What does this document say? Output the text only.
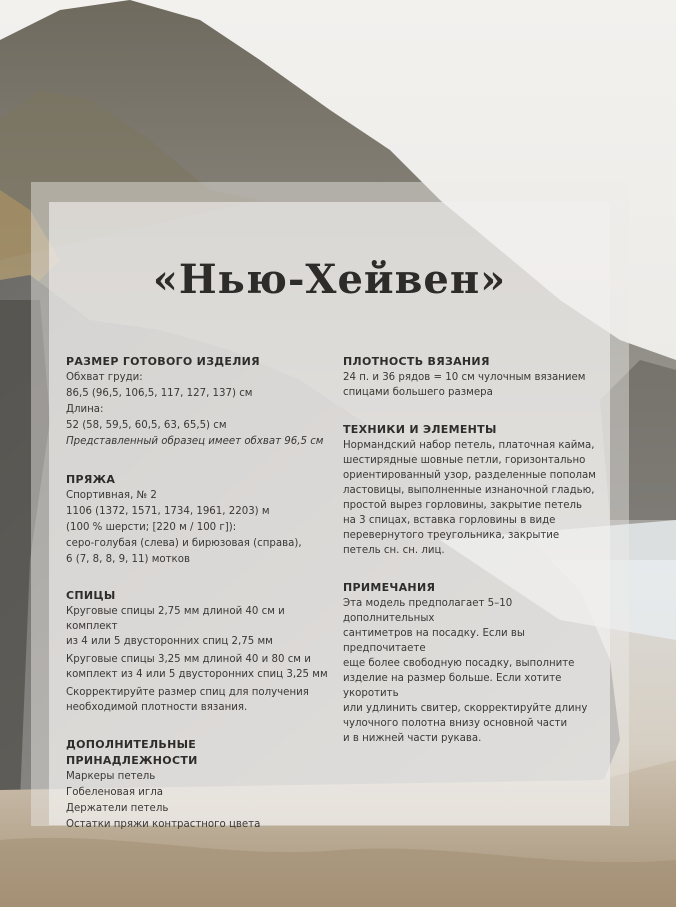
«Нью-Хейвен»
РАЗМЕР ГОТОВОГО ИЗДЕЛИЯ
Обхват груди:
86,5 (96,5, 106,5, 117, 127, 137) см
Длина:
52 (58, 59,5, 60,5, 63, 65,5) см
Представленный образец имеет обхват 96,5 см
ПРЯЖА
Спортивная, № 2
1106 (1372, 1571, 1734, 1961, 2203) м
(100 % шерсти; [220 м / 100 г]):
серо-голубая (слева) и бирюзовая (справа),
6 (7, 8, 8, 9, 11) мотков
СПИЦЫ
Круговые спицы 2,75 мм длиной 40 см и комплект
из 4 или 5 двусторонних спиц 2,75 мм
Круговые спицы 3,25 мм длиной 40 и 80 см и
комплект из 4 или 5 двусторонних спиц 3,25 мм
Скорректируйте размер спиц для получения
необходимой плотности вязания.
ДОПОЛНИТЕЛЬНЫЕ ПРИНАДЛЕЖНОСТИ
Маркеры петель
Гобеленовая игла
Держатели петель
Остатки пряжи контрастного цвета
ПЛОТНОСТЬ ВЯЗАНИЯ
24 п. и 36 рядов = 10 см чулочным вязанием
спицами большего размера
ТЕХНИКИ И ЭЛЕМЕНТЫ
Нормандский набор петель, платочная кайма,
шестирядные шовные петли, горизонтально
ориентированный узор, разделенные пополам
ластовицы, выполненные изнаночной гладью,
простой вырез горловины, закрытие петель
на 3 спицах, вставка горловины в виде
перевернутого треугольника, закрытие
петель сн. сн. лиц.
ПРИМЕЧАНИЯ
Эта модель предполагает 5–10 дополнительных
сантиметров на посадку. Если вы предпочитаете
еще более свободную посадку, выполните
изделие на размер больше. Если хотите укоротить
или удлинить свитер, скорректируйте длину
чулочного полотна внизу основной части
и в нижней части рукава.
